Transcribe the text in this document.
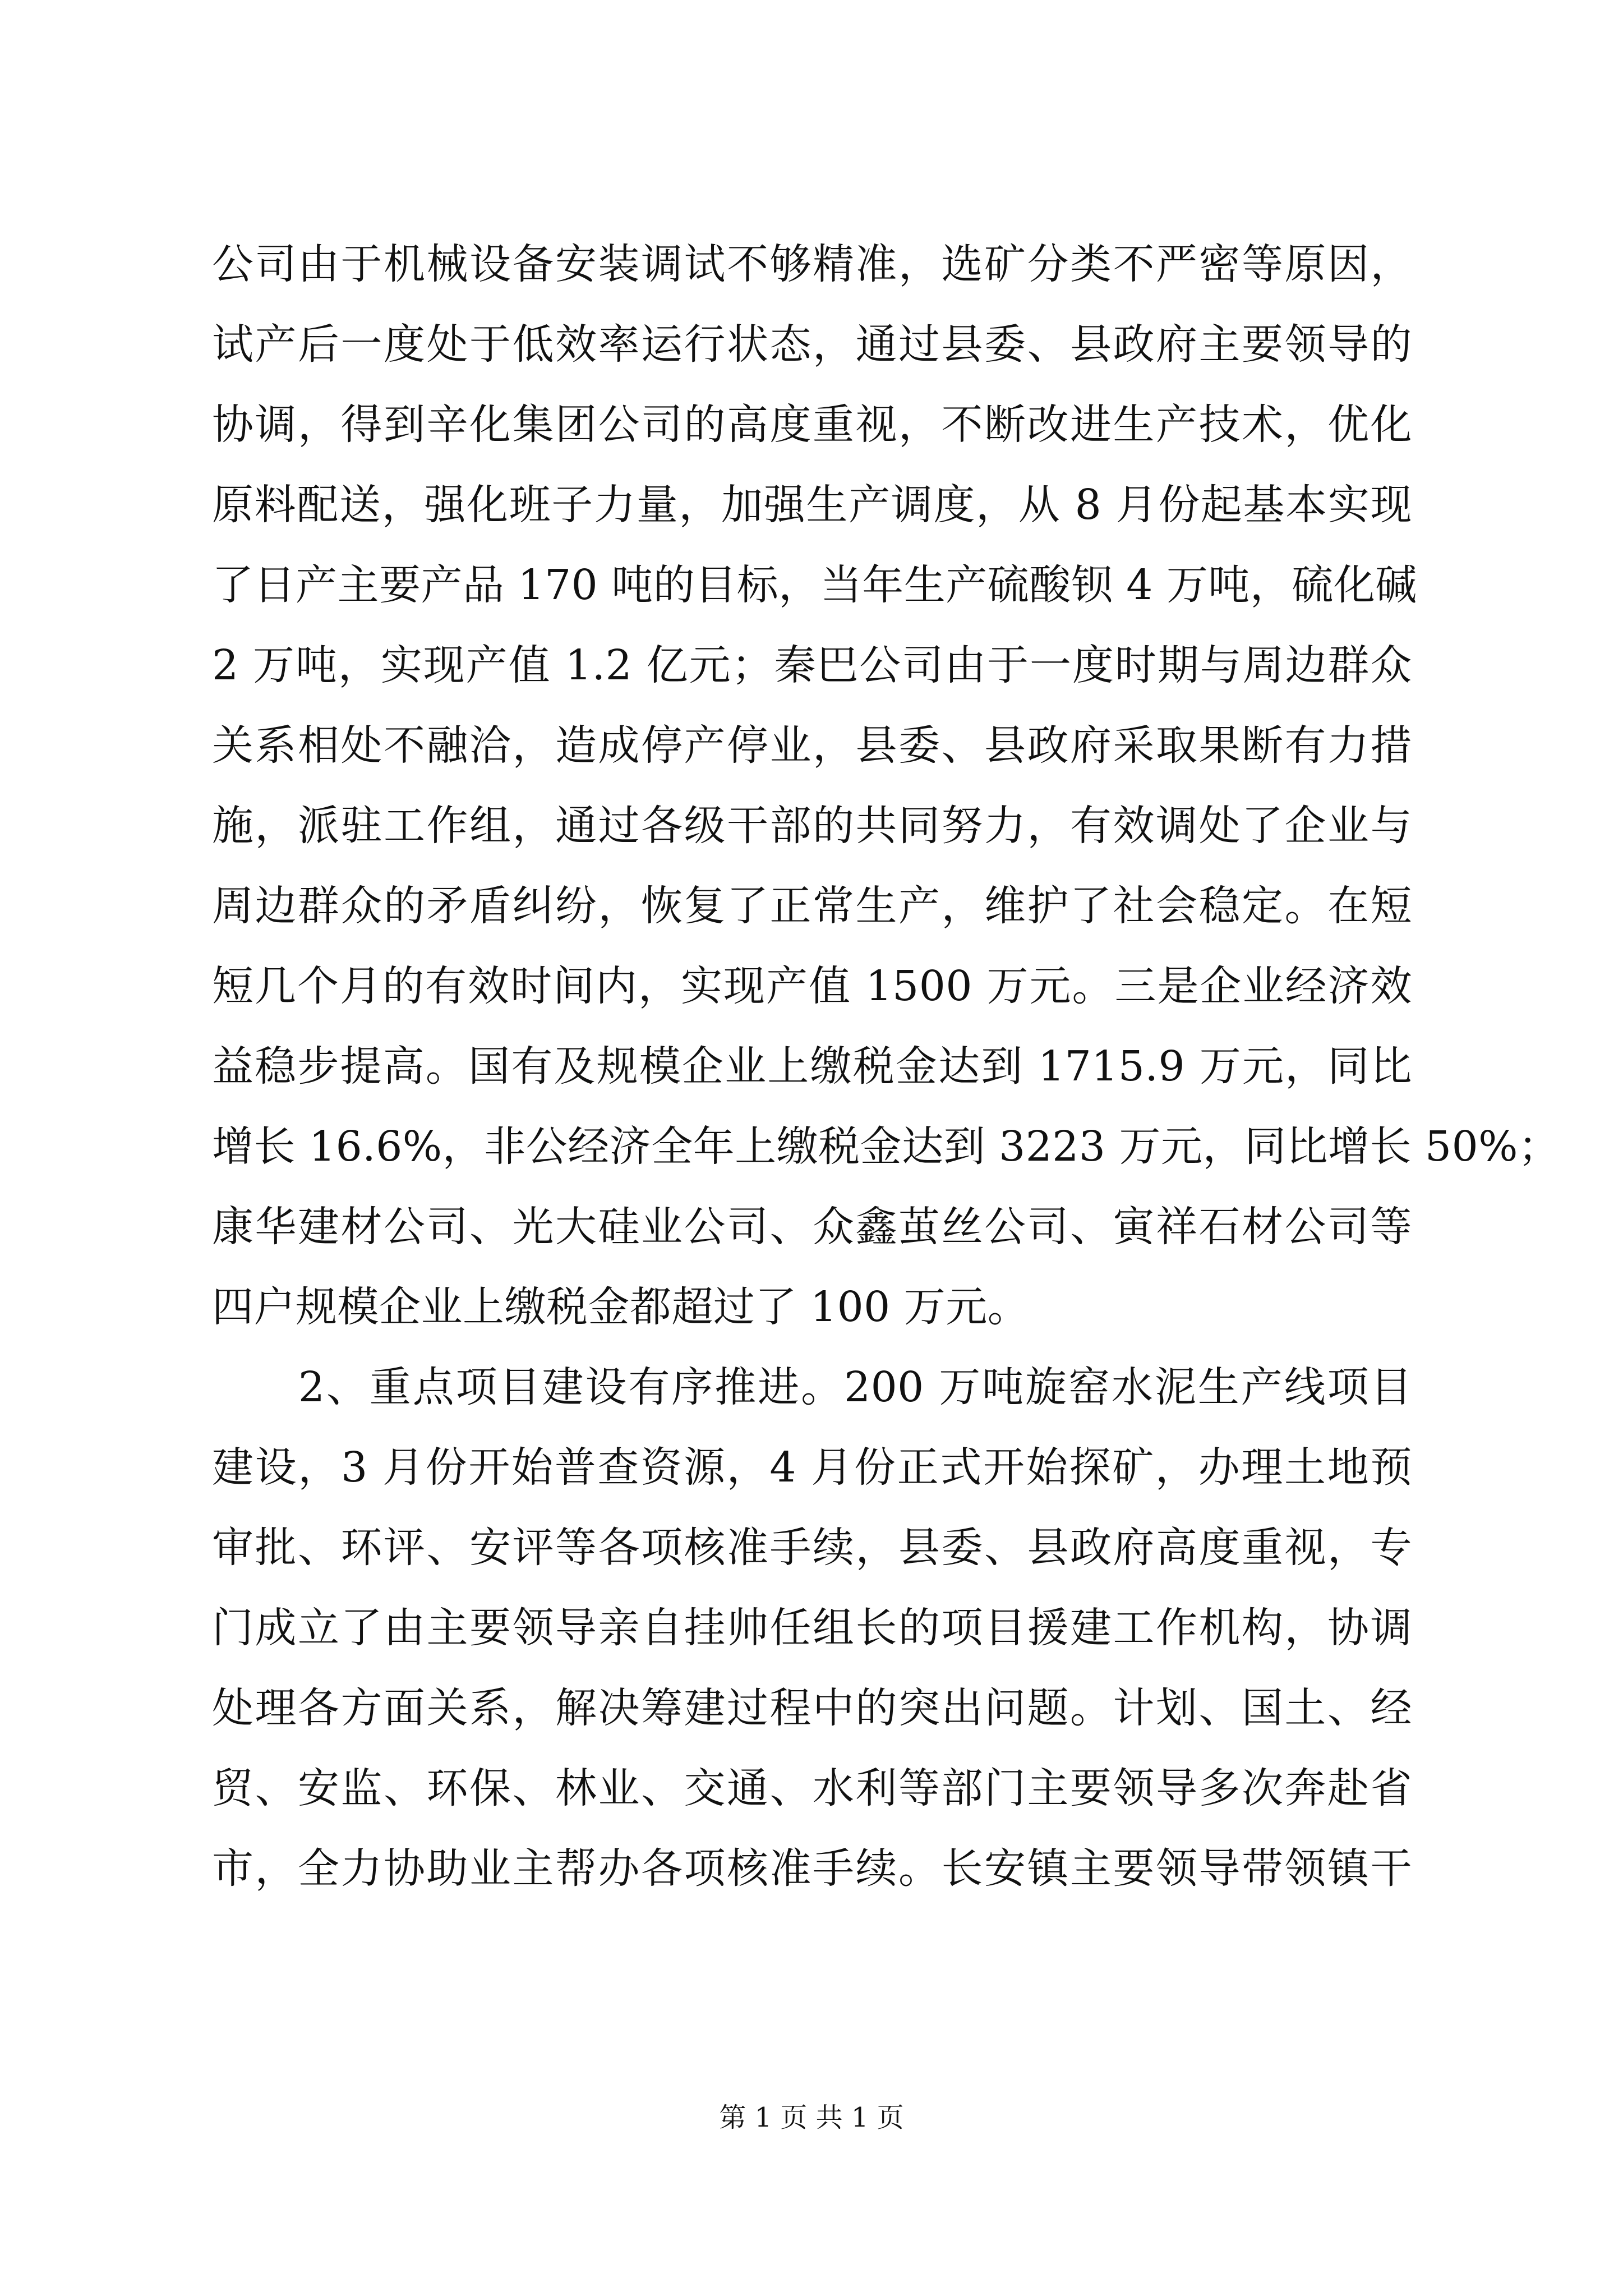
公司由于机械设备安装调试不够精准，选矿分类不严密等原因，
试产后一度处于低效率运行状态，通过县委、县政府主要领导的
协调，得到辛化集团公司的高度重视，不断改进生产技术，优化
原料配送，强化班子力量，加强生产调度，从 8 月份起基本实现
了日产主要产品 170 吨的目标，当年生产硫酸钡 4 万吨，硫化碱
2 万吨，实现产值 1.2 亿元；秦巴公司由于一度时期与周边群众
关系相处不融洽，造成停产停业，县委、县政府采取果断有力措
施，派驻工作组，通过各级干部的共同努力，有效调处了企业与
周边群众的矛盾纠纷，恢复了正常生产，维护了社会稳定。在短
短几个月的有效时间内，实现产值 1500 万元。三是企业经济效
益稳步提高。国有及规模企业上缴税金达到 1715.9 万元，同比
增长 16.6%，非公经济全年上缴税金达到 3223 万元，同比增长 50%；
康华建材公司、光大硅业公司、众鑫茧丝公司、寅祥石材公司等
四户规模企业上缴税金都超过了 100 万元。
　　2、重点项目建设有序推进。200 万吨旋窑水泥生产线项目
建设，3 月份开始普查资源，4 月份正式开始探矿，办理土地预
审批、环评、安评等各项核准手续，县委、县政府高度重视，专
门成立了由主要领导亲自挂帅任组长的项目援建工作机构，协调
处理各方面关系，解决筹建过程中的突出问题。计划、国土、经
贸、安监、环保、林业、交通、水利等部门主要领导多次奔赴省
市，全力协助业主帮办各项核准手续。长安镇主要领导带领镇干
第 1 页 共 1 页
